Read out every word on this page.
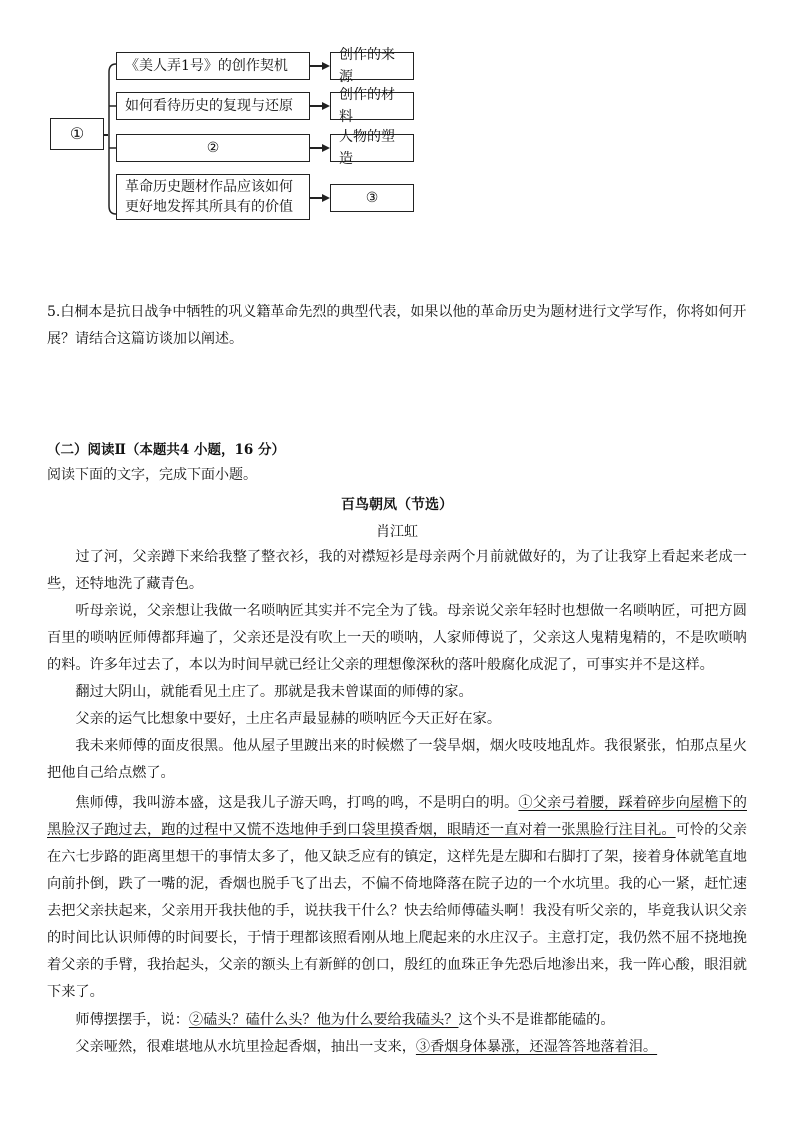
①
《美人弄1号》的创作契机
创作的来源
如何看待历史的复现与还原
创作的材料
②
人物的塑造
革命历史题材作品应该如何更好地发挥其所具有的价值
③
5.白桐本是抗日战争中牺牲的巩义籍革命先烈的典型代表，如果以他的革命历史为题材进行文学写作，你将如何开展？请结合这篇访谈加以阐述。
（二）阅读Ⅱ（本题共4 小题，16 分）
阅读下面的文字，完成下面小题。
百鸟朝凤（节选）
肖江虹
过了河，父亲蹲下来给我整了整衣衫，我的对襟短衫是母亲两个月前就做好的，为了让我穿上看起来老成一些，还特地洗了藏青色。
听母亲说，父亲想让我做一名唢呐匠其实并不完全为了钱。母亲说父亲年轻时也想做一名唢呐匠，可把方圆百里的唢呐匠师傅都拜遍了，父亲还是没有吹上一天的唢呐，人家师傅说了，父亲这人鬼精鬼精的，不是吹唢呐的料。许多年过去了，本以为时间早就已经让父亲的理想像深秋的落叶般腐化成泥了，可事实并不是这样。
翻过大阴山，就能看见土庄了。那就是我未曾谋面的师傅的家。
父亲的运气比想象中要好，土庄名声最显赫的唢呐匠今天正好在家。
我未来师傅的面皮很黑。他从屋子里踱出来的时候燃了一袋旱烟，烟火吱吱地乱炸。我很紧张，怕那点星火把他自己给点燃了。
焦师傅，我叫游本盛，这是我儿子游天鸣，打鸣的鸣，不是明白的明。①父亲弓着腰，踩着碎步向屋檐下的黑脸汉子跑过去，跑的过程中又慌不迭地伸手到口袋里摸香烟，眼睛还一直对着一张黑脸行注目礼。可怜的父亲在六七步路的距离里想干的事情太多了，他又缺乏应有的镇定，这样先是左脚和右脚打了架，接着身体就笔直地向前扑倒，跌了一嘴的泥，香烟也脱手飞了出去，不偏不倚地降落在院子边的一个水坑里。我的心一紧，赶忙速去把父亲扶起来，父亲用开我扶他的手，说扶我干什么？快去给师傅磕头啊！我没有听父亲的，毕竟我认识父亲的时间比认识师傅的时间要长，于情于理都该照看刚从地上爬起来的水庄汉子。主意打定，我仍然不屈不挠地挽着父亲的手臂，我抬起头，父亲的额头上有新鲜的创口，殷红的血珠正争先恐后地渗出来，我一阵心酸，眼泪就下来了。
师傅摆摆手，说：②磕头？磕什么头？他为什么要给我磕头？这个头不是谁都能磕的。
父亲哑然，很难堪地从水坑里捡起香烟，抽出一支来，③香烟身体暴涨，还湿答答地落着泪。
